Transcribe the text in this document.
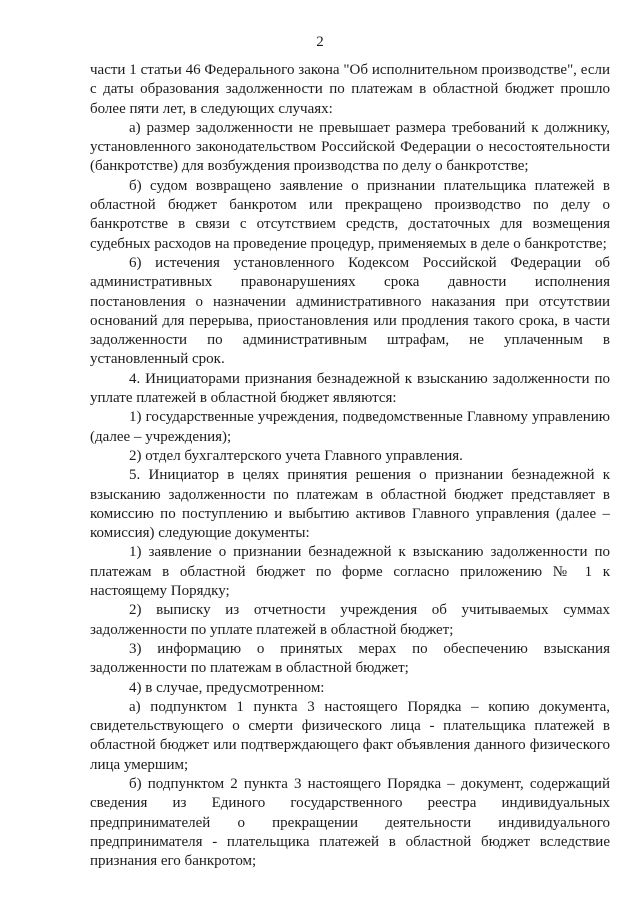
2

части 1 статьи 46 Федерального закона "Об исполнительном производстве", если с даты образования задолженности по платежам в областной бюджет прошло более пяти лет, в следующих случаях:

а) размер задолженности не превышает размера требований к должнику, установленного законодательством Российской Федерации о несостоятельности (банкротстве) для возбуждения производства по делу о банкротстве;

б) судом возвращено заявление о признании плательщика платежей в областной бюджет банкротом или прекращено производство по делу о банкротстве в связи с отсутствием средств, достаточных для возмещения судебных расходов на проведение процедур, применяемых в деле о банкротстве;

6) истечения установленного Кодексом Российской Федерации об административных правонарушениях срока давности исполнения постановления о назначении административного наказания при отсутствии оснований для перерыва, приостановления или продления такого срока, в части задолженности по административным штрафам, не уплаченным в установленный срок.

4. Инициаторами признания безнадежной к взысканию задолженности по уплате платежей в областной бюджет являются:

1) государственные учреждения, подведомственные Главному управлению (далее – учреждения);

2) отдел бухгалтерского учета Главного управления.

5. Инициатор в целях принятия решения о признании безнадежной к взысканию задолженности по платежам в областной бюджет представляет в комиссию по поступлению и выбытию активов Главного управления (далее – комиссия) следующие документы:

1) заявление о признании безнадежной к взысканию задолженности по платежам в областной бюджет по форме согласно приложению № 1 к настоящему Порядку;

2) выписку из отчетности учреждения об учитываемых суммах задолженности по уплате платежей в областной бюджет;

3) информацию о принятых мерах по обеспечению взыскания задолженности по платежам в областной бюджет;

4) в случае, предусмотренном:

а) подпунктом 1 пункта 3 настоящего Порядка – копию документа, свидетельствующего о смерти физического лица - плательщика платежей в областной бюджет или подтверждающего факт объявления данного физического лица умершим;

б) подпунктом 2 пункта 3 настоящего Порядка – документ, содержащий сведения из Единого государственного реестра индивидуальных предпринимателей о прекращении деятельности индивидуального предпринимателя - плательщика платежей в областной бюджет вследствие признания его банкротом;
